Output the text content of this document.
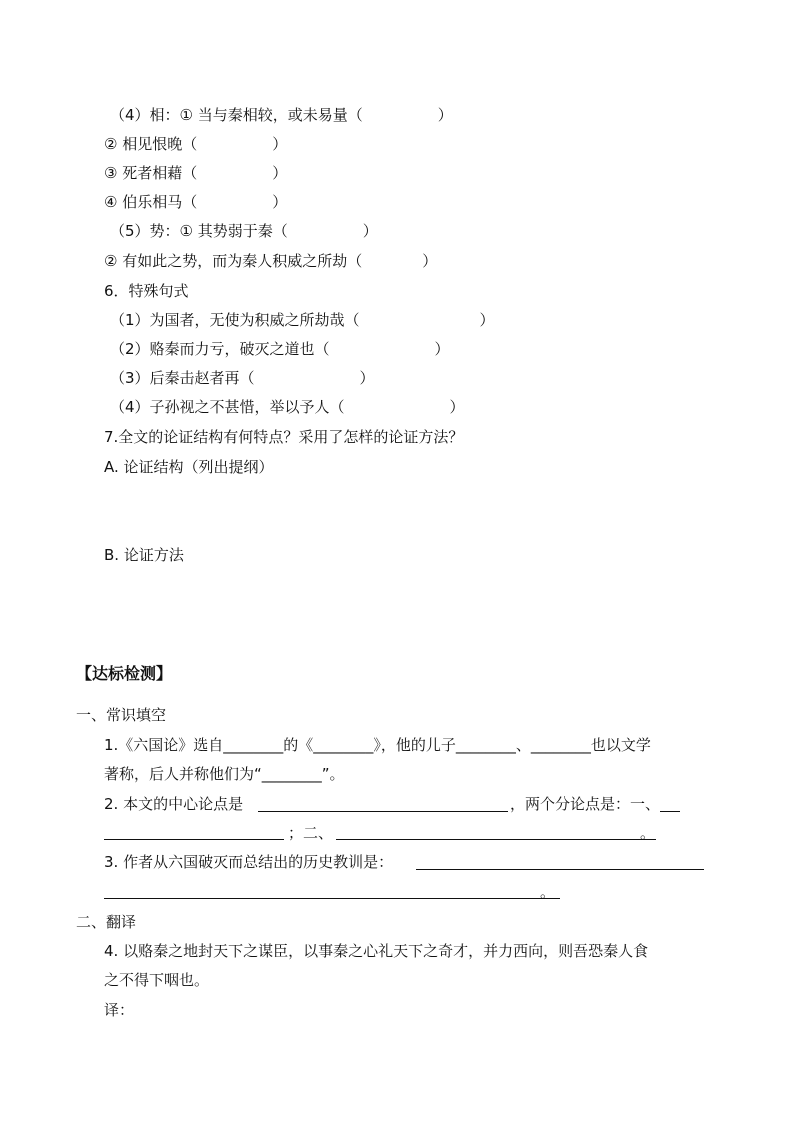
（4）相：① 当与秦相较，或未易量（　　　　　）
② 相见恨晚（　　　　　）
③ 死者相藉（　　　　　）
④ 伯乐相马（　　　　　）
（5）势：① 其势弱于秦（　　　　　）
② 有如此之势，而为秦人积威之所劫（　　　　）
6．特殊句式
（1）为国者，无使为积威之所劫哉（　　　　　　　　）
（2）赂秦而力亏，破灭之道也（　　　　　　　）
（3）后秦击赵者再（　　　　　　　）
（4）子孙视之不甚惜，举以予人（　　　　　　　）
7.全文的论证结构有何特点？采用了怎样的论证方法？
A. 论证结构（列出提纲）
B. 论证方法
【达标检测】
一、常识填空
1.《六国论》选自________的《________》，他的儿子________、________也以文学
著称，后人并称他们为“________”。
2. 本文的中心论点是	，两个分论点是：一、
；二、	。
3. 作者从六国破灭而总结出的历史教训是：
。
二、翻译
4. 以赂秦之地封天下之谋臣，以事秦之心礼天下之奇才，并力西向，则吾恐秦人食
之不得下咽也。
译：
